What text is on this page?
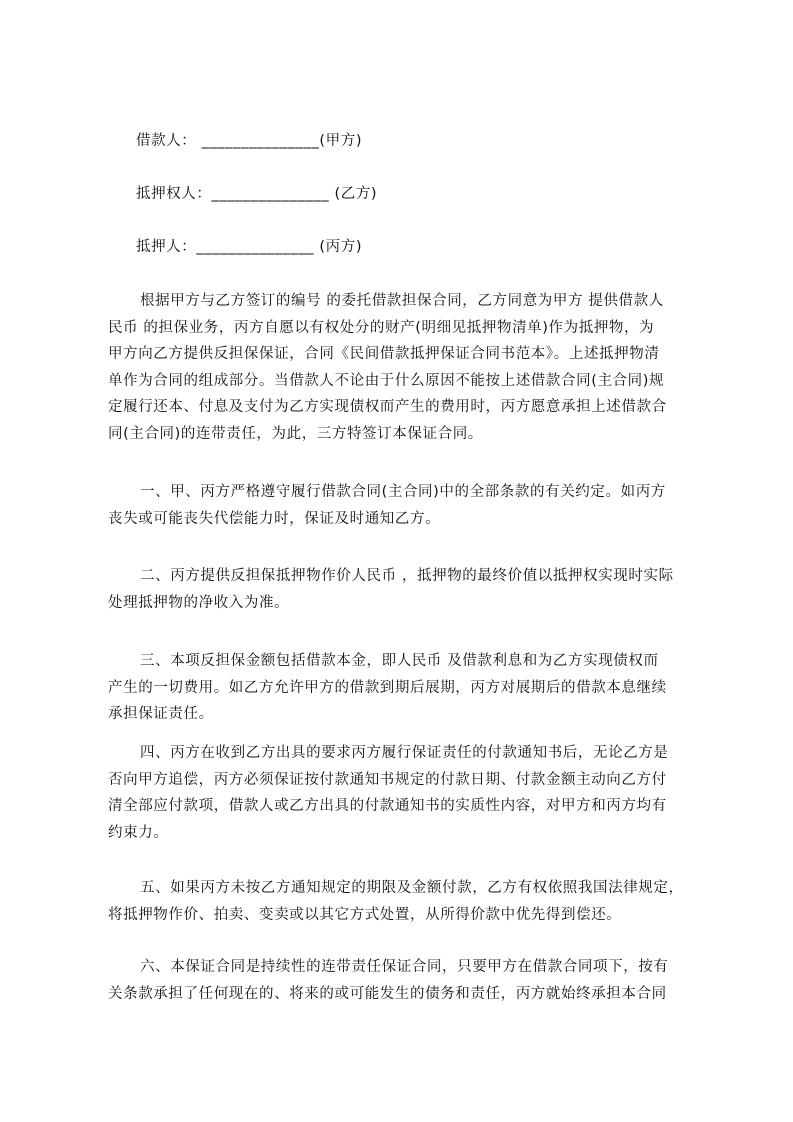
借款人： _______________(甲方)
抵押权人：_______________ (乙方)
抵押人：_______________ (丙方)
根据甲方与乙方签订的编号 的委托借款担保合同，乙方同意为甲方 提供借款人
民币 的担保业务，丙方自愿以有权处分的财产(明细见抵押物清单)作为抵押物，为
甲方向乙方提供反担保保证，合同《民间借款抵押保证合同书范本》。上述抵押物清
单作为合同的组成部分。当借款人不论由于什么原因不能按上述借款合同(主合同)规
定履行还本、付息及支付为乙方实现债权而产生的费用时，丙方愿意承担上述借款合
同(主合同)的连带责任，为此，三方特签订本保证合同。
一、甲、丙方严格遵守履行借款合同(主合同)中的全部条款的有关约定。如丙方
丧失或可能丧失代偿能力时，保证及时通知乙方。
二、丙方提供反担保抵押物作价人民币 ，抵押物的最终价值以抵押权实现时实际
处理抵押物的净收入为准。
三、本项反担保金额包括借款本金，即人民币 及借款利息和为乙方实现债权而
产生的一切费用。如乙方允许甲方的借款到期后展期，丙方对展期后的借款本息继续
承担保证责任。
四、丙方在收到乙方出具的要求丙方履行保证责任的付款通知书后，无论乙方是
否向甲方追偿，丙方必须保证按付款通知书规定的付款日期、付款金额主动向乙方付
清全部应付款项，借款人或乙方出具的付款通知书的实质性内容，对甲方和丙方均有
约束力。
五、如果丙方未按乙方通知规定的期限及金额付款，乙方有权依照我国法律规定，
将抵押物作价、拍卖、变卖或以其它方式处置，从所得价款中优先得到偿还。
六、本保证合同是持续性的连带责任保证合同，只要甲方在借款合同项下，按有
关条款承担了任何现在的、将来的或可能发生的债务和责任，丙方就始终承担本合同
